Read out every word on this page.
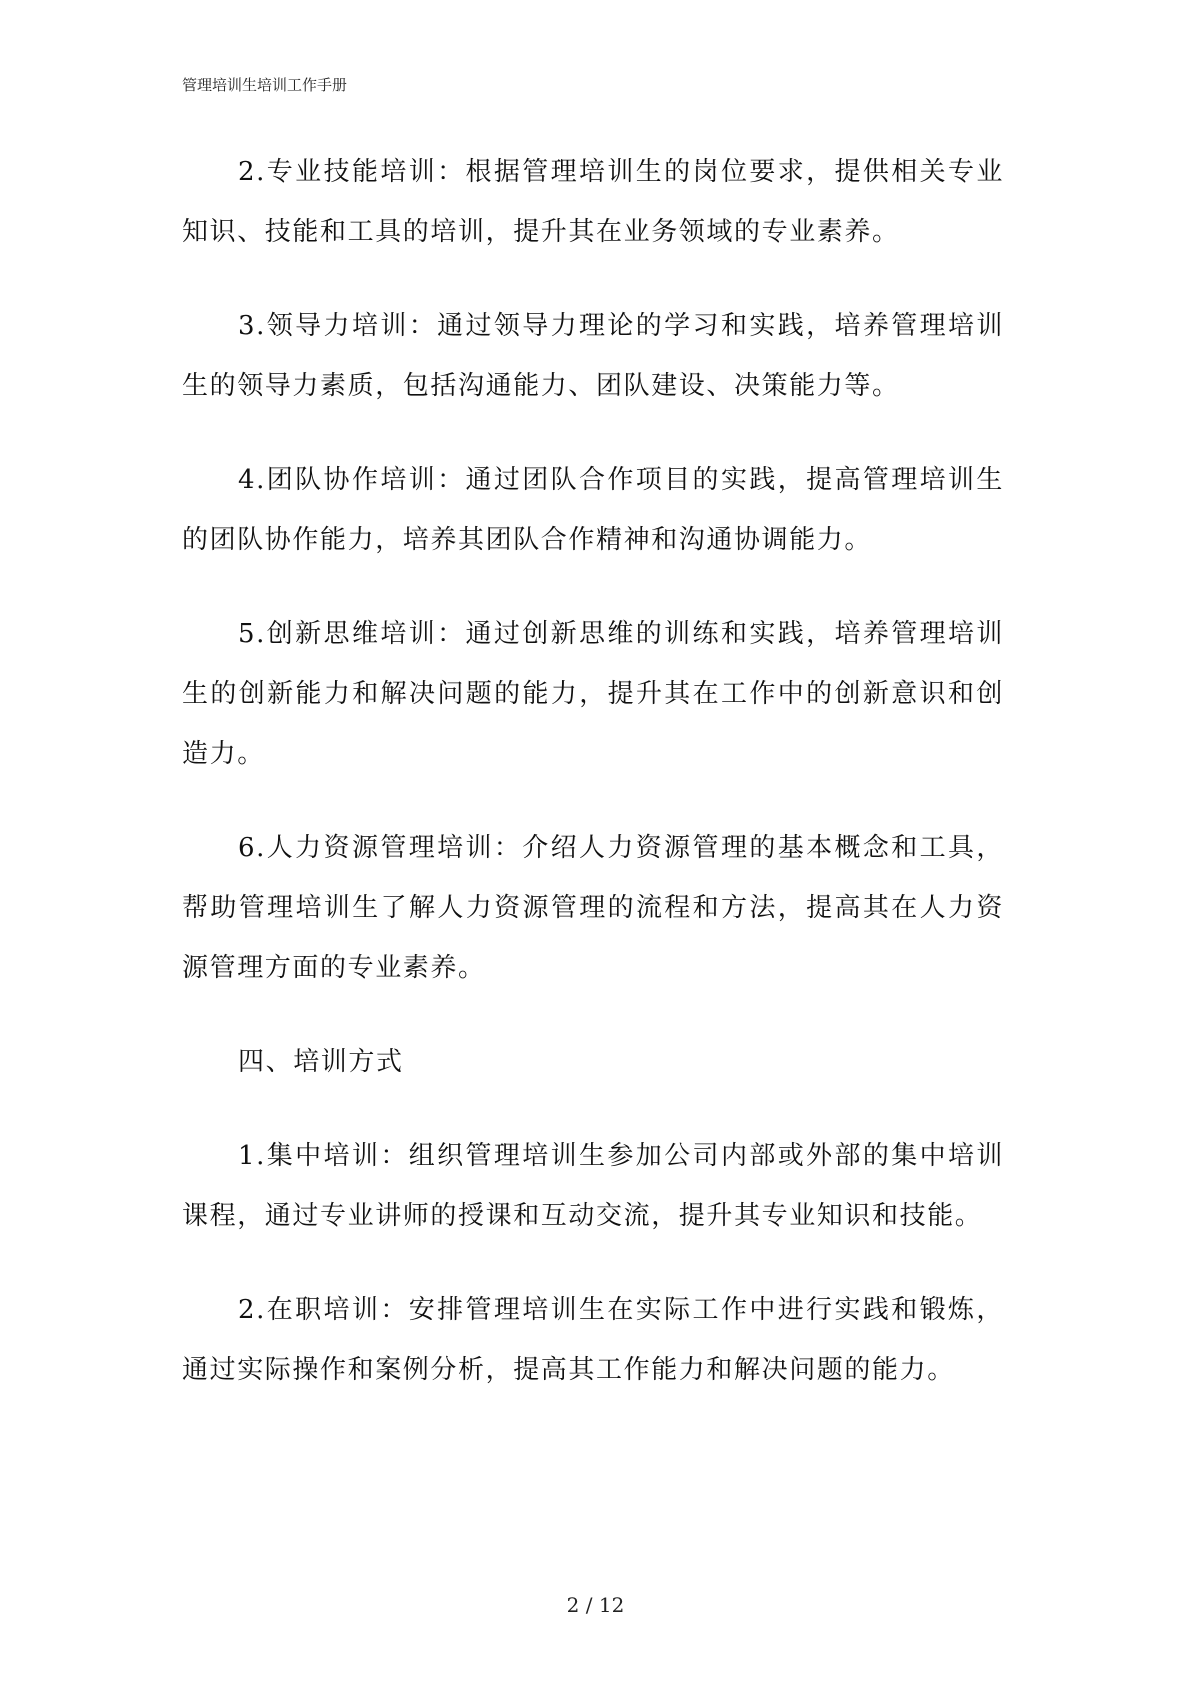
管理培训生培训工作手册

2.专业技能培训：根据管理培训生的岗位要求，提供相关专业知识、技能和工具的培训，提升其在业务领域的专业素养。

3.领导力培训：通过领导力理论的学习和实践，培养管理培训生的领导力素质，包括沟通能力、团队建设、决策能力等。

4.团队协作培训：通过团队合作项目的实践，提高管理培训生的团队协作能力，培养其团队合作精神和沟通协调能力。

5.创新思维培训：通过创新思维的训练和实践，培养管理培训生的创新能力和解决问题的能力，提升其在工作中的创新意识和创造力。

6.人力资源管理培训：介绍人力资源管理的基本概念和工具，帮助管理培训生了解人力资源管理的流程和方法，提高其在人力资源管理方面的专业素养。

四、培训方式

1.集中培训：组织管理培训生参加公司内部或外部的集中培训课程，通过专业讲师的授课和互动交流，提升其专业知识和技能。

2.在职培训：安排管理培训生在实际工作中进行实践和锻炼，通过实际操作和案例分析，提高其工作能力和解决问题的能力。

2 / 12
